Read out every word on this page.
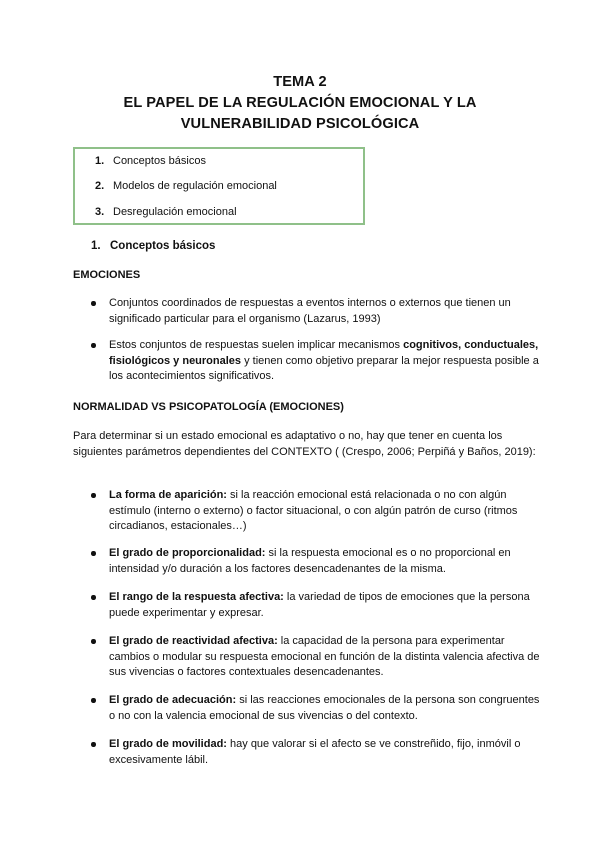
TEMA 2
EL PAPEL DE LA REGULACIÓN EMOCIONAL Y LA
VULNERABILIDAD PSICOLÓGICA
1. Conceptos básicos
2. Modelos de regulación emocional
3. Desregulación emocional
1. Conceptos básicos
EMOCIONES
Conjuntos coordinados de respuestas a eventos internos o externos que tienen un significado particular para el organismo (Lazarus, 1993)
Estos conjuntos de respuestas suelen implicar mecanismos cognitivos, conductuales, fisiológicos y neuronales y tienen como objetivo preparar la mejor respuesta posible a los acontecimientos significativos.
NORMALIDAD VS PSICOPATOLOGÍA (EMOCIONES)
Para determinar si un estado emocional es adaptativo o no, hay que tener en cuenta los siguientes parámetros dependientes del CONTEXTO ( (Crespo, 2006; Perpiñá y Baños, 2019):
La forma de aparición: si la reacción emocional está relacionada o no con algún estímulo (interno o externo) o factor situacional, o con algún patrón de curso (ritmos circadianos, estacionales…)
El grado de proporcionalidad: si la respuesta emocional es o no proporcional en intensidad y/o duración a los factores desencadenantes de la misma.
El rango de la respuesta afectiva: la variedad de tipos de emociones que la persona puede experimentar y expresar.
El grado de reactividad afectiva: la capacidad de la persona para experimentar cambios o modular su respuesta emocional en función de la distinta valencia afectiva de sus vivencias o factores contextuales desencadenantes.
El grado de adecuación: si las reacciones emocionales de la persona son congruentes o no con la valencia emocional de sus vivencias o del contexto.
El grado de movilidad: hay que valorar si el afecto se ve constreñido, fijo, inmóvil o excesivamente lábil.
